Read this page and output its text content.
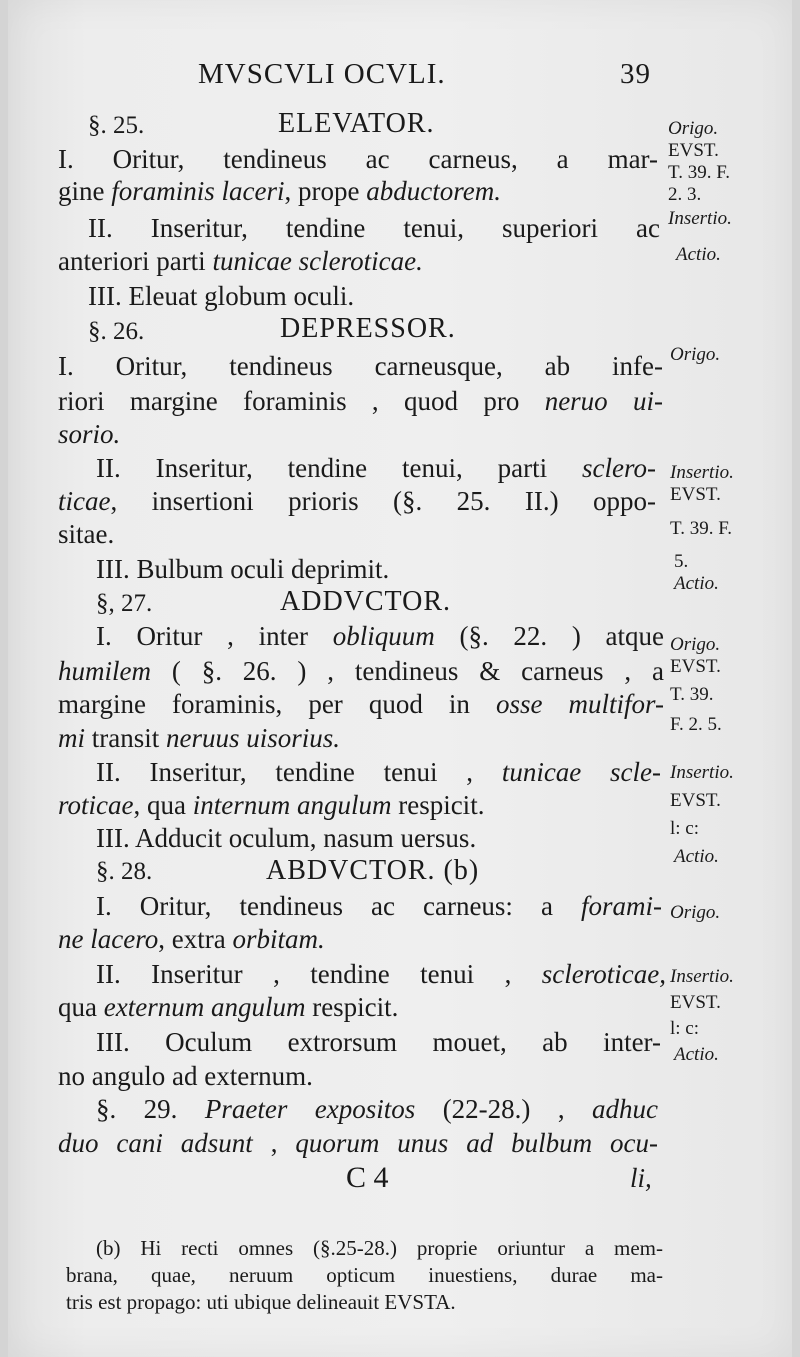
MVSCVLI OCVLI.	39
§. 25.	ELEVATOR.
I. Oritur, tendineus ac carneus, a mar-
gine foraminis laceri, prope abductorem.
II. Inseritur, tendine tenui, superiori ac
anteriori parti tunicae scleroticae.
III. Eleuat globum oculi.
§. 26.	DEPRESSOR.
I. Oritur, tendineus carneusque, ab infe-
riori margine foraminis , quod pro neruo ui-
sorio.
II. Inseritur, tendine tenui, parti sclero-
ticae, insertioni prioris (§. 25. II.) oppo-
sitae.
III. Bulbum oculi deprimit.
§, 27.	ADDVCTOR.
I. Oritur , inter obliquum (§. 22. ) atque
humilem ( §. 26. ) , tendineus & carneus , a
margine foraminis, per quod in osse multifor-
mi transit neruus uisorius.
II. Inseritur, tendine tenui , tunicae scle-
roticae, qua internum angulum respicit.
III. Adducit oculum, nasum uersus.
§. 28.	ABDVCTOR. (b)
I. Oritur, tendineus ac carneus: a forami-
ne lacero, extra orbitam.
II. Inseritur , tendine tenui , scleroticae,
qua externum angulum respicit.
III. Oculum extrorsum mouet, ab inter-
no angulo ad externum.
§. 29. Praeter expositos (22-28.) , adhuc
duo cani adsunt , quorum unus ad bulbum ocu-
C 4	li,
Origo.
EVST.
T. 39. F.
2. 3.
Insertio.
Actio.
Origo.
Insertio.
EVST.
T. 39. F.
5.
Actio.
Origo.
EVST.
T. 39.
F. 2. 5.
Insertio.
EVST.
l: c:
Actio.
Origo.
Insertio.
EVST.
l: c:
Actio.
(b) Hi recti omnes (§.25-28.) proprie oriuntur a mem-
brana, quae, neruum opticum inuestiens, durae ma-
tris est propago: uti ubique delineauit EVSTA.
